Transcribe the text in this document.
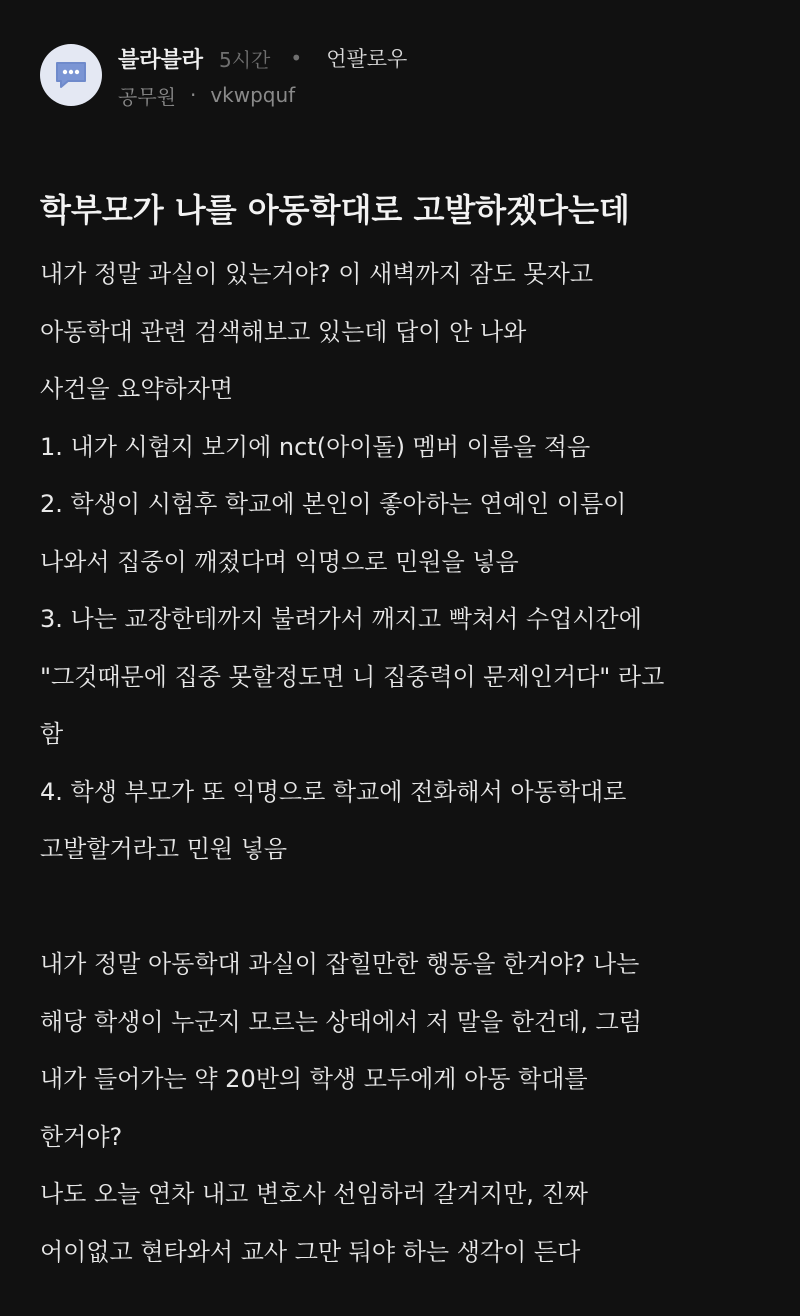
블라블라 5시간 • 언팔로우
공무원 · vkwpquf
학부모가 나를 아동학대로 고발하겠다는데
내가 정말 과실이 있는거야? 이 새벽까지 잠도 못자고
아동학대 관련 검색해보고 있는데 답이 안 나와
사건을 요약하자면
1. 내가 시험지 보기에 nct(아이돌) 멤버 이름을 적음
2. 학생이 시험후 학교에 본인이 좋아하는 연예인 이름이
나와서 집중이 깨졌다며 익명으로 민원을 넣음
3. 나는 교장한테까지 불려가서 깨지고 빡쳐서 수업시간에
"그것때문에 집중 못할정도면 니 집중력이 문제인거다" 라고
함
4. 학생 부모가 또 익명으로 학교에 전화해서 아동학대로
고발할거라고 민원 넣음
내가 정말 아동학대 과실이 잡힐만한 행동을 한거야? 나는
해당 학생이 누군지 모르는 상태에서 저 말을 한건데, 그럼
내가 들어가는 약 20반의 학생 모두에게 아동 학대를
한거야?
나도 오늘 연차 내고 변호사 선임하러 갈거지만, 진짜
어이없고 현타와서 교사 그만 둬야 하는 생각이 든다
